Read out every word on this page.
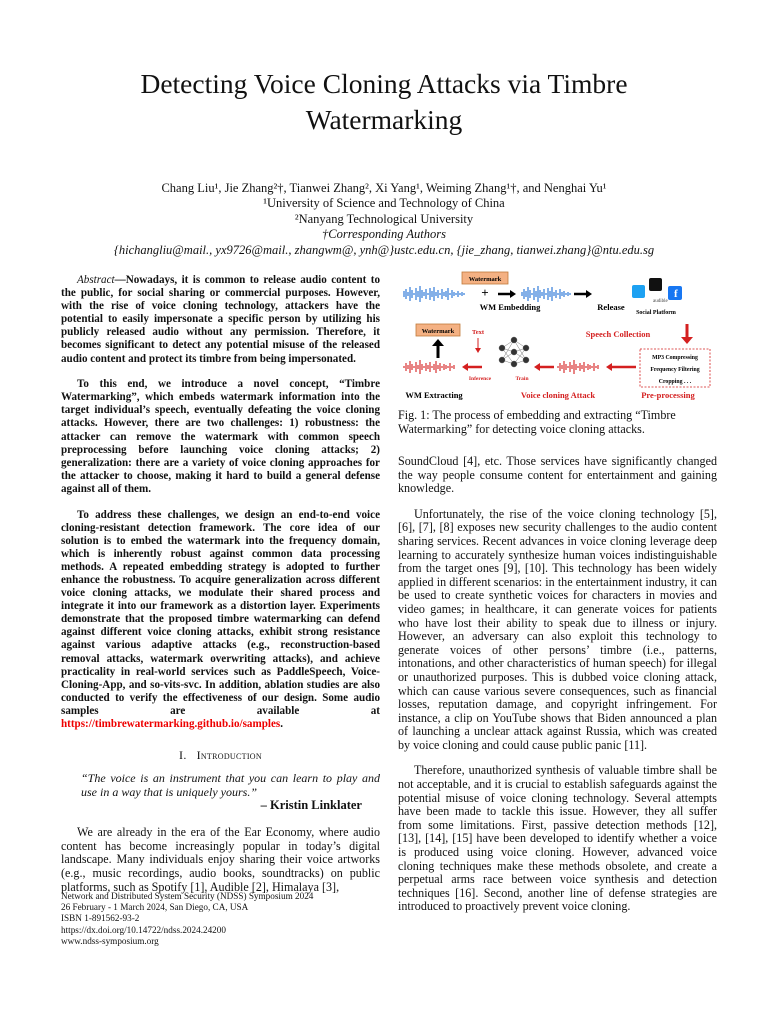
Detecting Voice Cloning Attacks via Timbre Watermarking
Chang Liu¹, Jie Zhang²†, Tianwei Zhang², Xi Yang¹, Weiming Zhang¹†, and Nenghai Yu¹
¹University of Science and Technology of China
²Nanyang Technological University
†Corresponding Authors
{hichangliu@mail., yx9726@mail., zhangwm@, ynh@}ustc.edu.cn, {jie_zhang, tianwei.zhang}@ntu.edu.sg

Abstract—Nowadays, it is common to release audio content to the public, for social sharing or commercial purposes. However, with the rise of voice cloning technology, attackers have the potential to easily impersonate a specific person by utilizing his publicly released audio without any permission. Therefore, it becomes significant to detect any potential misuse of the released audio content and protect its timbre from being impersonated.

To this end, we introduce a novel concept, “Timbre Watermarking”, which embeds watermark information into the target individual’s speech, eventually defeating the voice cloning attacks. However, there are two challenges: 1) robustness: the attacker can remove the watermark with common speech preprocessing before launching voice cloning attacks; 2) generalization: there are a variety of voice cloning approaches for the attacker to choose, making it hard to build a general defense against all of them.

To address these challenges, we design an end-to-end voice cloning-resistant detection framework. The core idea of our solution is to embed the watermark into the frequency domain, which is inherently robust against common data processing methods. A repeated embedding strategy is adopted to further enhance the robustness. To acquire generalization across different voice cloning attacks, we modulate their shared process and integrate it into our framework as a distortion layer. Experiments demonstrate that the proposed timbre watermarking can defend against different voice cloning attacks, exhibit strong resistance against various adaptive attacks (e.g., reconstruction-based removal attacks, watermark overwriting attacks), and achieve practicality in real-world services such as PaddleSpeech, Voice-Cloning-App, and so-vits-svc. In addition, ablation studies are also conducted to verify the effectiveness of our design. Some audio samples are available at https://timbrewatermarking.github.io/samples.

I. Introduction
“The voice is an instrument that you can learn to play and use in a way that is uniquely yours.”
– Kristin Linklater

We are already in the era of the Ear Economy, where audio content has become increasingly popular in today’s digital landscape. Many individuals enjoy sharing their voice artworks (e.g., music recordings, audio books, soundtracks) on public platforms, such as Spotify [1], Audible [2], Himalaya [3],

Watermark
+
WM Embedding	Release
f
audible
Social Platform
Speech Collection
Watermark	Text
Inference	Train
MP3 Compressing
Frequency Filtering
Cropping . . .
WM Extracting	Voice cloning Attack	Pre-processing
Fig. 1: The process of embedding and extracting “Timbre Watermarking” for detecting voice cloning attacks.

SoundCloud [4], etc. Those services have significantly changed the way people consume content for entertainment and gaining knowledge.

Unfortunately, the rise of the voice cloning technology [5], [6], [7], [8] exposes new security challenges to the audio content sharing services. Recent advances in voice cloning leverage deep learning to accurately synthesize human voices indistinguishable from the target ones [9], [10]. This technology has been widely applied in different scenarios: in the entertainment industry, it can be used to create synthetic voices for characters in movies and video games; in healthcare, it can generate voices for patients who have lost their ability to speak due to illness or injury. However, an adversary can also exploit this technology to generate voices of other persons’ timbre (i.e., patterns, intonations, and other characteristics of human speech) for illegal or unauthorized purposes. This is dubbed voice cloning attack, which can cause various severe consequences, such as financial losses, reputation damage, and copyright infringement. For instance, a clip on YouTube shows that Biden announced a plan of launching a unclear attack against Russia, which was created by voice cloning and could cause public panic [11].

Therefore, unauthorized synthesis of valuable timbre shall be not acceptable, and it is crucial to establish safeguards against the potential misuse of voice cloning technology. Several attempts have been made to tackle this issue. However, they all suffer from some limitations. First, passive detection methods [12], [13], [14], [15] have been developed to identify whether a voice is produced using voice cloning. However, advanced voice cloning techniques make these methods obsolete, and create a perpetual arms race between voice synthesis and detection techniques [16]. Second, another line of defense strategies are introduced to proactively prevent voice cloning.

Network and Distributed System Security (NDSS) Symposium 2024
26 February - 1 March 2024, San Diego, CA, USA
ISBN 1-891562-93-2
https://dx.doi.org/10.14722/ndss.2024.24200
www.ndss-symposium.org
